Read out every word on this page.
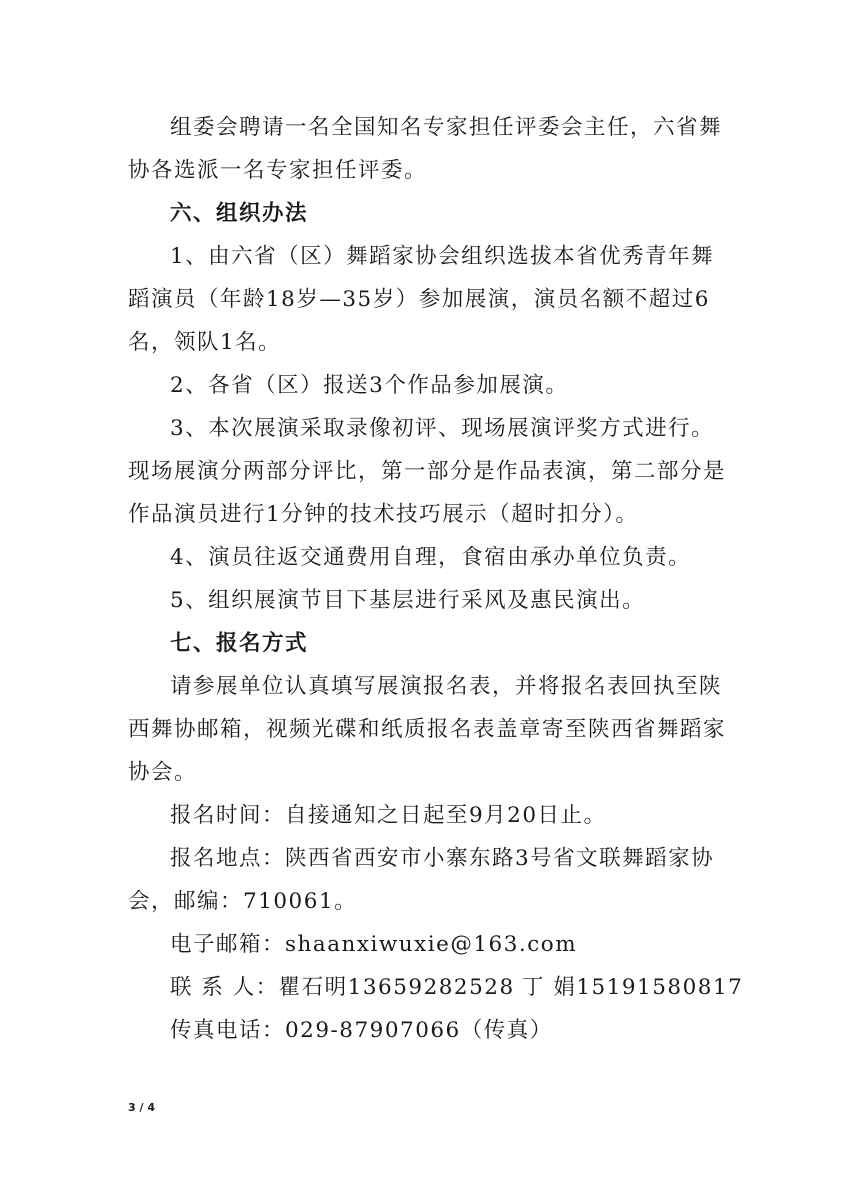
组委会聘请一名全国知名专家担任评委会主任，六省舞
协各选派一名专家担任评委。
六、组织办法
1、由六省（区）舞蹈家协会组织选拔本省优秀青年舞
蹈演员（年龄18岁—35岁）参加展演，演员名额不超过6
名，领队1名。
2、各省（区）报送3个作品参加展演。
3、本次展演采取录像初评、现场展演评奖方式进行。
现场展演分两部分评比，第一部分是作品表演，第二部分是
作品演员进行1分钟的技术技巧展示（超时扣分）。
4、演员往返交通费用自理，食宿由承办单位负责。
5、组织展演节目下基层进行采风及惠民演出。
七、报名方式
请参展单位认真填写展演报名表，并将报名表回执至陕
西舞协邮箱，视频光碟和纸质报名表盖章寄至陕西省舞蹈家
协会。
报名时间：自接通知之日起至9月20日止。
报名地点：陕西省西安市小寨东路3号省文联舞蹈家协
会，邮编：710061。
电子邮箱：shaanxiwuxie@163.com
联 系 人：瞿石明13659282528 丁 娟15191580817
传真电话：029-87907066（传真）
3 / 4
